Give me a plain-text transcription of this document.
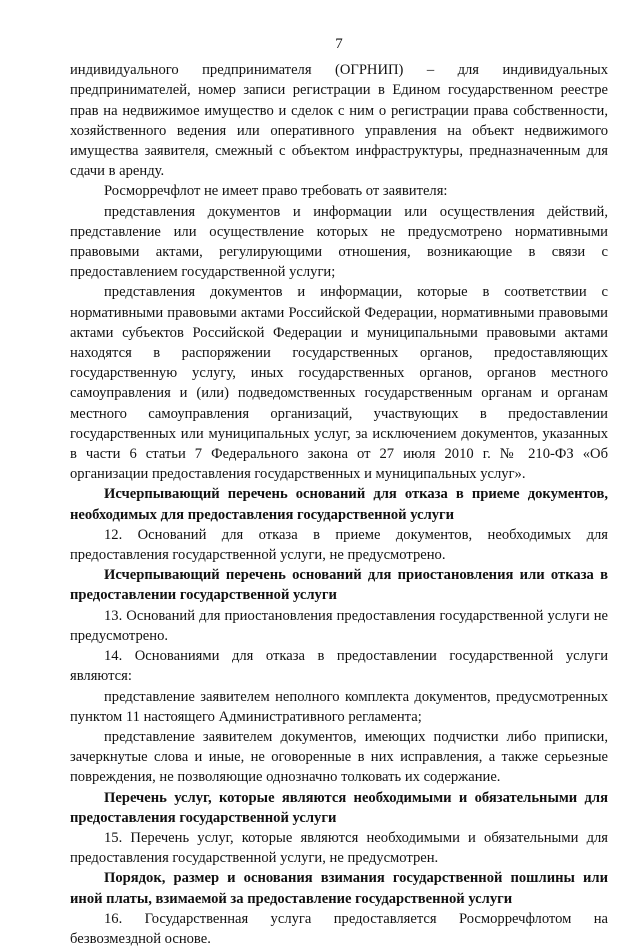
7

индивидуального предпринимателя (ОГРНИП) – для индивидуальных предпринимателей, номер записи регистрации в Едином государственном реестре прав на недвижимое имущество и сделок с ним о регистрации права собственности, хозяйственного ведения или оперативного управления на объект недвижимого имущества заявителя, смежный с объектом инфраструктуры, предназначенным для сдачи в аренду.

Росморречфлот не имеет право требовать от заявителя:

представления документов и информации или осуществления действий, представление или осуществление которых не предусмотрено нормативными правовыми актами, регулирующими отношения, возникающие в связи с предоставлением государственной услуги;

представления документов и информации, которые в соответствии с нормативными правовыми актами Российской Федерации, нормативными правовыми актами субъектов Российской Федерации и муниципальными правовыми актами находятся в распоряжении государственных органов, предоставляющих государственную услугу, иных государственных органов, органов местного самоуправления и (или) подведомственных государственным органам и органам местного самоуправления организаций, участвующих в предоставлении государственных или муниципальных услуг, за исключением документов, указанных в части 6 статьи 7 Федерального закона от 27 июля 2010 г. № 210-ФЗ «Об организации предоставления государственных и муниципальных услуг».

Исчерпывающий перечень оснований для отказа в приеме документов, необходимых для предоставления государственной услуги

12. Оснований для отказа в приеме документов, необходимых для предоставления государственной услуги, не предусмотрено.

Исчерпывающий перечень оснований для приостановления или отказа в предоставлении государственной услуги

13. Оснований для приостановления предоставления государственной услуги не предусмотрено.

14. Основаниями для отказа в предоставлении государственной услуги являются:

представление заявителем неполного комплекта документов, предусмотренных пунктом 11 настоящего Административного регламента;

представление заявителем документов, имеющих подчистки либо приписки, зачеркнутые слова и иные, не оговоренные в них исправления, а также серьезные повреждения, не позволяющие однозначно толковать их содержание.

Перечень услуг, которые являются необходимыми и обязательными для предоставления государственной услуги

15. Перечень услуг, которые являются необходимыми и обязательными для предоставления государственной услуги, не предусмотрен.

Порядок, размер и основания взимания государственной пошлины или иной платы, взимаемой за предоставление государственной услуги

16. Государственная услуга предоставляется Росморречфлотом на безвозмездной основе.
